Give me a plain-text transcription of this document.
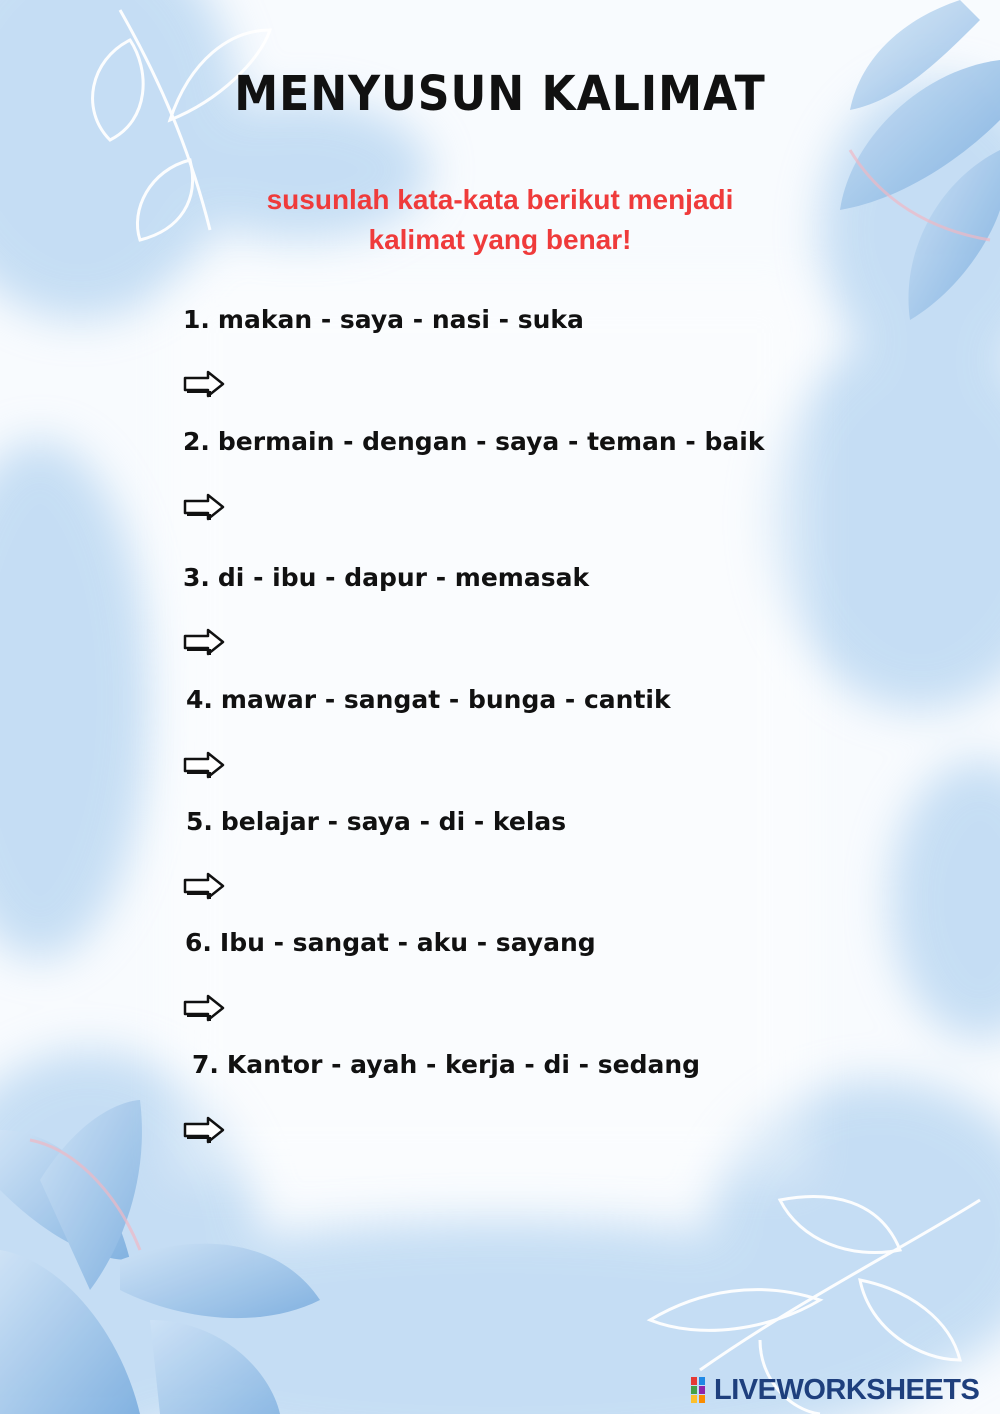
MENYUSUN KALIMAT
susunlah kata-kata berikut menjadi
kalimat yang benar!
1. makan - saya - nasi - suka
2. bermain - dengan - saya - teman - baik
3. di - ibu - dapur - memasak
4. mawar - sangat - bunga - cantik
5. belajar - saya - di - kelas
6. Ibu - sangat - aku - sayang
7. Kantor - ayah - kerja - di - sedang
LIVEWORKSHEETS
